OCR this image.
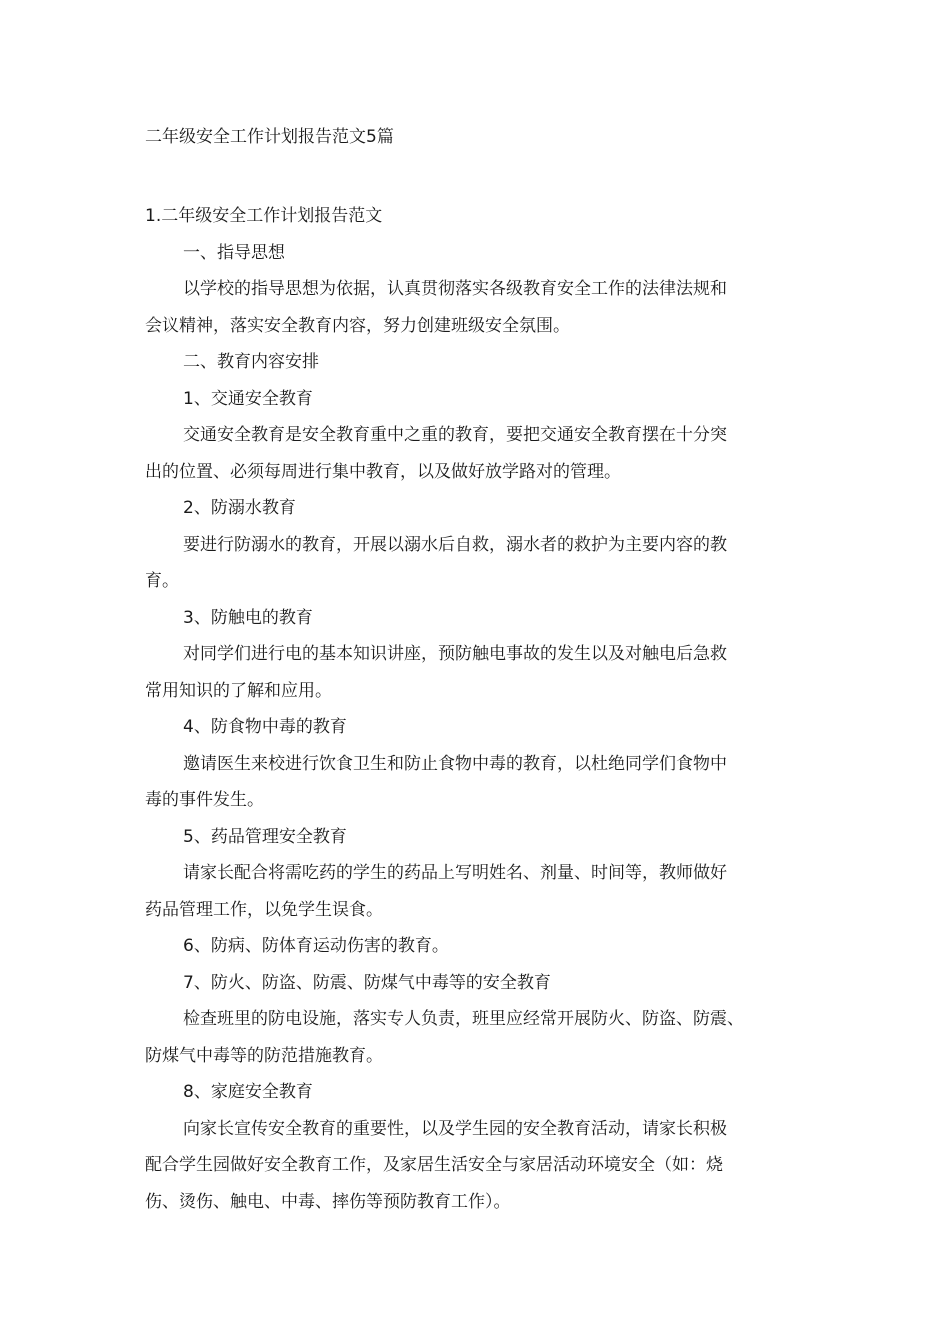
二年级安全工作计划报告范文5篇
1.二年级安全工作计划报告范文
一、指导思想
以学校的指导思想为依据，认真贯彻落实各级教育安全工作的法律法规和
会议精神，落实安全教育内容，努力创建班级安全氛围。
二、教育内容安排
1、交通安全教育
交通安全教育是安全教育重中之重的教育，要把交通安全教育摆在十分突
出的位置、必须每周进行集中教育，以及做好放学路对的管理。
2、防溺水教育
要进行防溺水的教育，开展以溺水后自救，溺水者的救护为主要内容的教
育。
3、防触电的教育
对同学们进行电的基本知识讲座，预防触电事故的发生以及对触电后急救
常用知识的了解和应用。
4、防食物中毒的教育
邀请医生来校进行饮食卫生和防止食物中毒的教育，以杜绝同学们食物中
毒的事件发生。
5、药品管理安全教育
请家长配合将需吃药的学生的药品上写明姓名、剂量、时间等，教师做好
药品管理工作，以免学生误食。
6、防病、防体育运动伤害的教育。
7、防火、防盗、防震、防煤气中毒等的安全教育
检查班里的防电设施，落实专人负责，班里应经常开展防火、防盗、防震、
防煤气中毒等的防范措施教育。
8、家庭安全教育
向家长宣传安全教育的重要性，以及学生园的安全教育活动，请家长积极
配合学生园做好安全教育工作，及家居生活安全与家居活动环境安全（如：烧
伤、烫伤、触电、中毒、摔伤等预防教育工作）。
